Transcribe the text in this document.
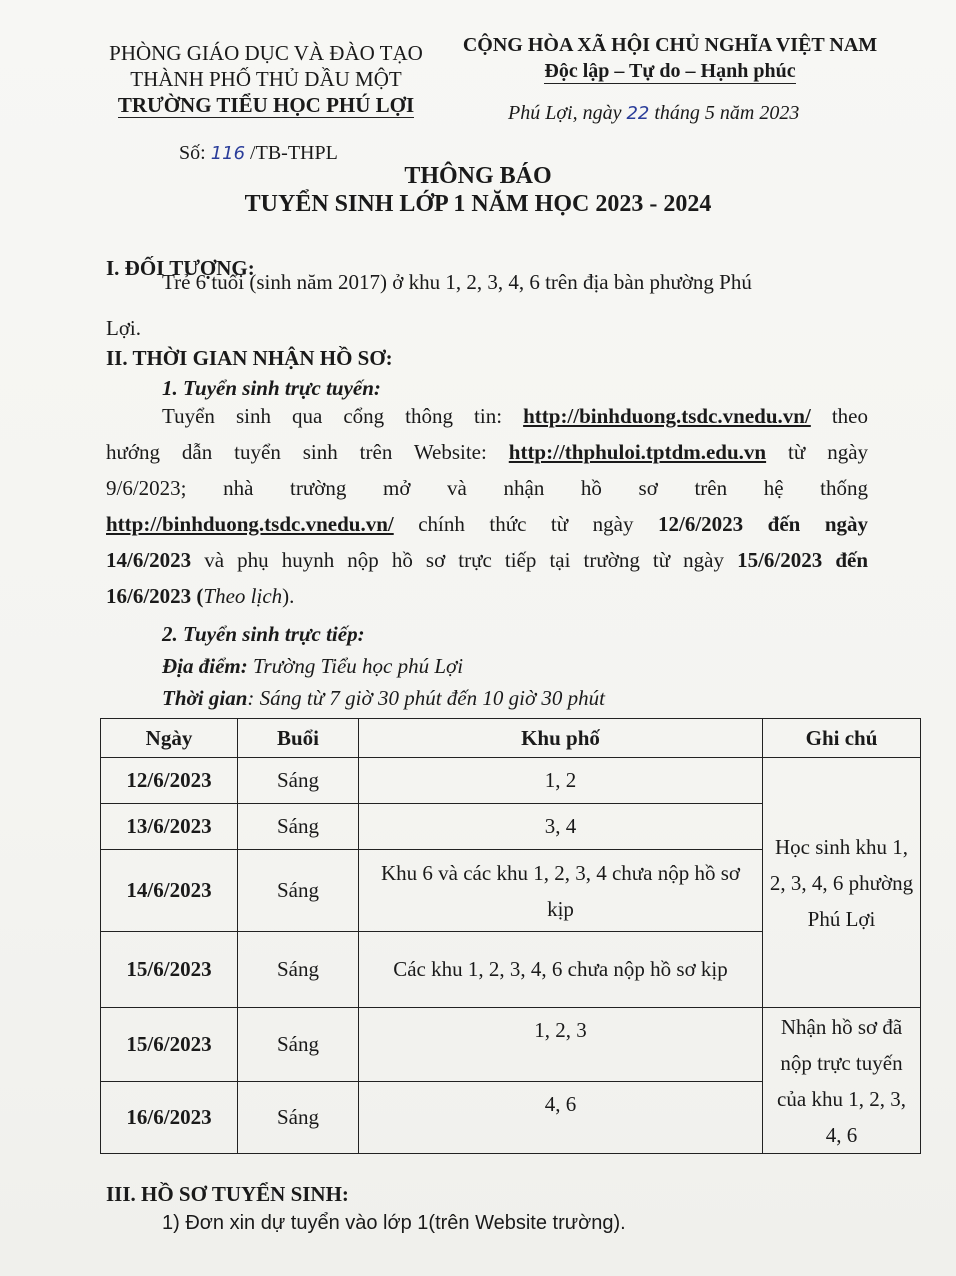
PHÒNG GIÁO DỤC VÀ ĐÀO TẠO
THÀNH PHỐ THỦ DẦU MỘT
TRƯỜNG TIỂU HỌC PHÚ LỢI
CỘNG HÒA XÃ HỘI CHỦ NGHĨA VIỆT NAM
Độc lập – Tự do – Hạnh phúc
Phú Lợi, ngày 22 tháng 5 năm 2023
Số: 116 /TB-THPL
THÔNG BÁO
TUYỂN SINH LỚP 1 NĂM HỌC 2023 - 2024
I. ĐỐI TƯỢNG:
Trẻ 6 tuổi (sinh năm 2017) ở khu 1, 2, 3, 4, 6 trên địa bàn phường Phú
Lợi.
II. THỜI GIAN NHẬN HỒ SƠ:
1. Tuyển sinh trực tuyến:
Tuyển sinh qua cổng thông tin: http://binhduong.tsdc.vnedu.vn/ theo
hướng dẫn tuyển sinh trên Website: http://thphuloi.tptdm.edu.vn từ ngày
9/6/2023; nhà trường mở và nhận hồ sơ trên hệ thống
http://binhduong.tsdc.vnedu.vn/ chính thức từ ngày 12/6/2023 đến ngày
14/6/2023 và phụ huynh nộp hồ sơ trực tiếp tại trường từ ngày 15/6/2023 đến
16/6/2023 (Theo lịch).
2. Tuyển sinh trực tiếp:
Địa điểm: Trường Tiểu học phú Lợi
Thời gian: Sáng từ 7 giờ 30 phút đến 10 giờ 30 phút
Ngày	Buổi	Khu phố	Ghi chú
12/6/2023	Sáng	1, 2	Học sinh khu 1, 2, 3, 4, 6 phường Phú Lợi
13/6/2023	Sáng	3, 4	
14/6/2023	Sáng	Khu 6 và các khu 1, 2, 3, 4 chưa nộp hồ sơ kịp	
15/6/2023	Sáng	Các khu 1, 2, 3, 4, 6 chưa nộp hồ sơ kịp	
15/6/2023	Sáng	1, 2, 3	Nhận hồ sơ đã nộp trực tuyến của khu 1, 2, 3, 4, 6
16/6/2023	Sáng	4, 6	
III. HỒ SƠ TUYỂN SINH:
1) Đơn xin dự tuyển vào lớp 1(trên Website trường).
